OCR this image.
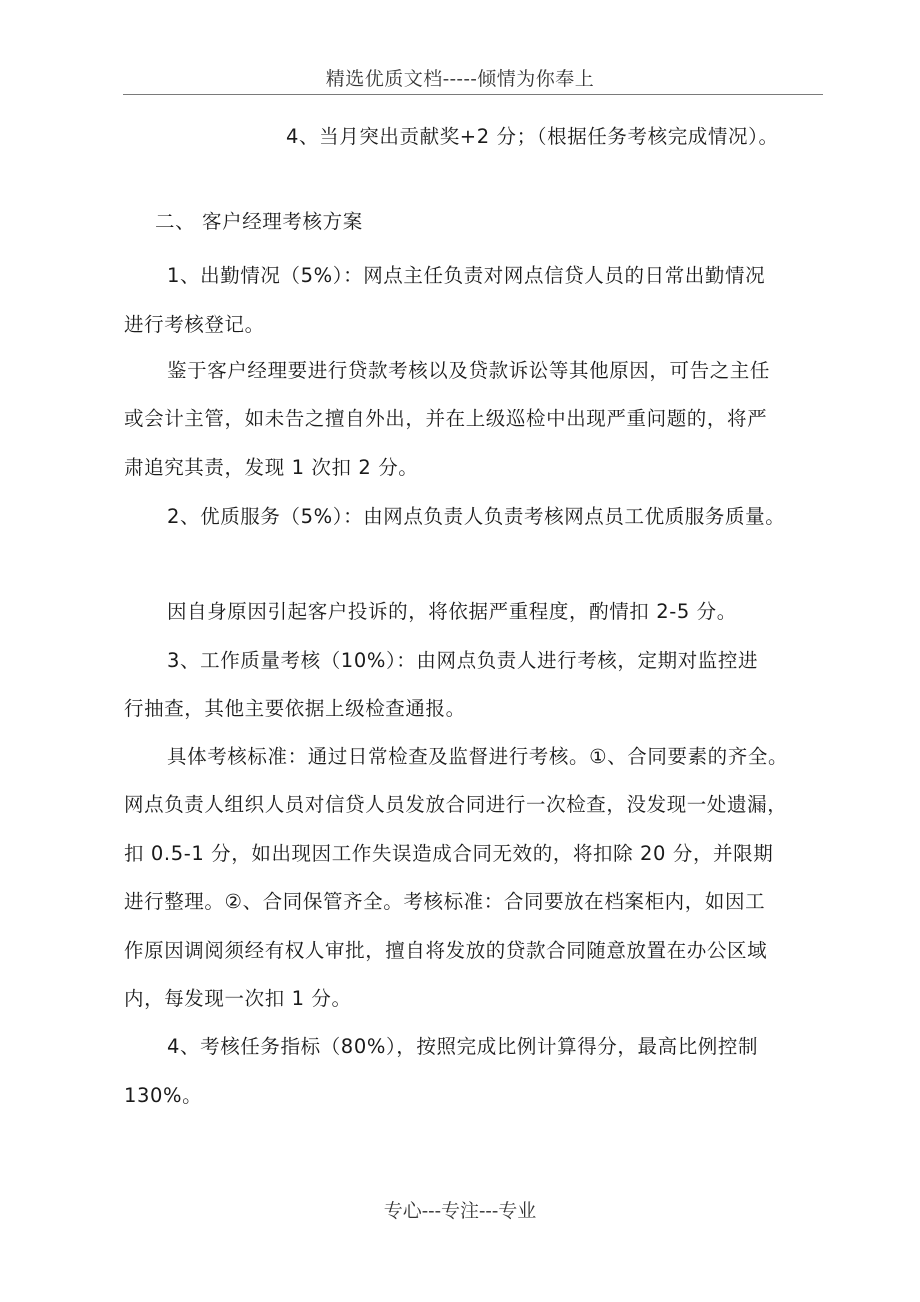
精选优质文档-----倾情为你奉上
4、当月突出贡献奖+2 分；（根据任务考核完成情况）。
二、 客户经理考核方案
1、出勤情况（5%）：网点主任负责对网点信贷人员的日常出勤情况
进行考核登记。
鉴于客户经理要进行贷款考核以及贷款诉讼等其他原因，可告之主任
或会计主管，如未告之擅自外出，并在上级巡检中出现严重问题的，将严
肃追究其责，发现 1 次扣 2 分。
2、优质服务（5%）：由网点负责人负责考核网点员工优质服务质量。
因自身原因引起客户投诉的，将依据严重程度，酌情扣 2-5 分。
3、工作质量考核（10%）：由网点负责人进行考核，定期对监控进
行抽查，其他主要依据上级检查通报。
具体考核标准：通过日常检查及监督进行考核。①、合同要素的齐全。
网点负责人组织人员对信贷人员发放合同进行一次检查，没发现一处遗漏，
扣 0.5-1 分，如出现因工作失误造成合同无效的，将扣除 20 分，并限期
进行整理。②、合同保管齐全。考核标准：合同要放在档案柜内，如因工
作原因调阅须经有权人审批，擅自将发放的贷款合同随意放置在办公区域
内，每发现一次扣 1 分。
4、考核任务指标（80%），按照完成比例计算得分，最高比例控制
130%。
专心---专注---专业
